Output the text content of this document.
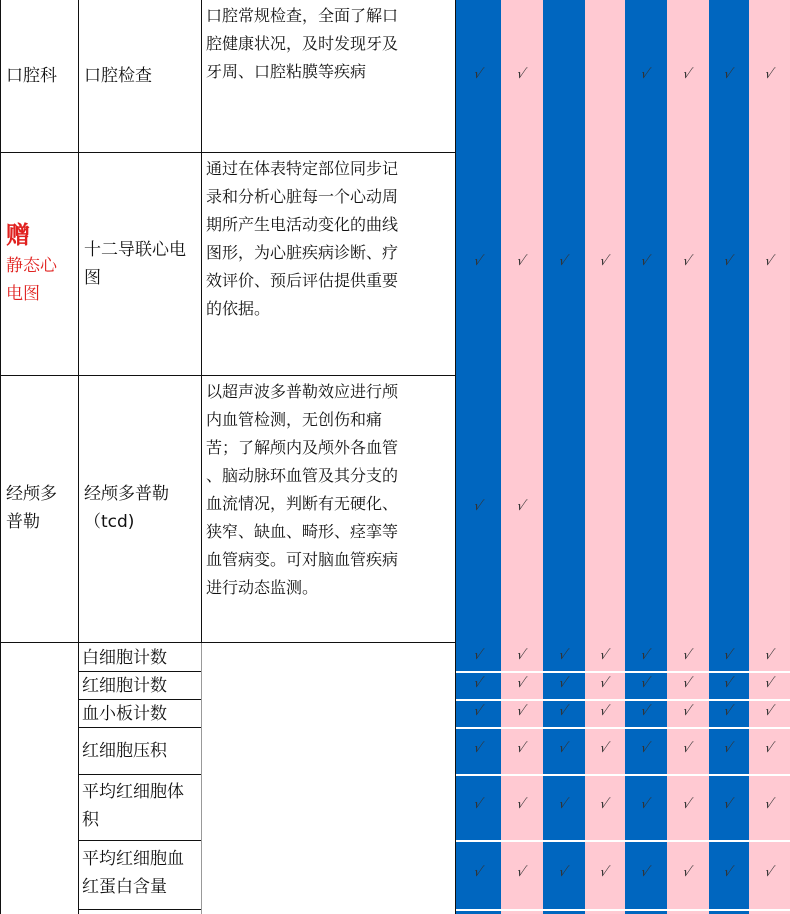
口腔科 口腔检查
口腔常规检查，全面了解口
腔健康状况，及时发现牙及
牙周、口腔粘膜等疾病
赠
静态心
电图
十二导联心电
图
通过在体表特定部位同步记
录和分析心脏每一个心动周
期所产生电活动变化的曲线
图形，为心脏疾病诊断、疗
效评价、预后评估提供重要
的依据。
经颅多
普勒
经颅多普勒
（tcd)
以超声波多普勒效应进行颅
内血管检测，无创伤和痛
苦；了解颅内及颅外各血管
、脑动脉环血管及其分支的
血流情况，判断有无硬化、
狭窄、缺血、畸形、痉挛等
血管病变。可对脑血管疾病
进行动态监测。
白细胞计数
红细胞计数
血小板计数
红细胞压积
平均红细胞体
积
平均红细胞血
红蛋白含量
√ √	√ √ √ √
√ √ √ √ √ √ √ √
√ √
√ √ √ √ √ √ √ √
√ √ √ √ √ √ √ √
√ √ √ √ √ √ √ √
√ √ √ √ √ √ √ √
√ √ √ √ √ √ √ √
√ √ √ √ √ √ √ √
